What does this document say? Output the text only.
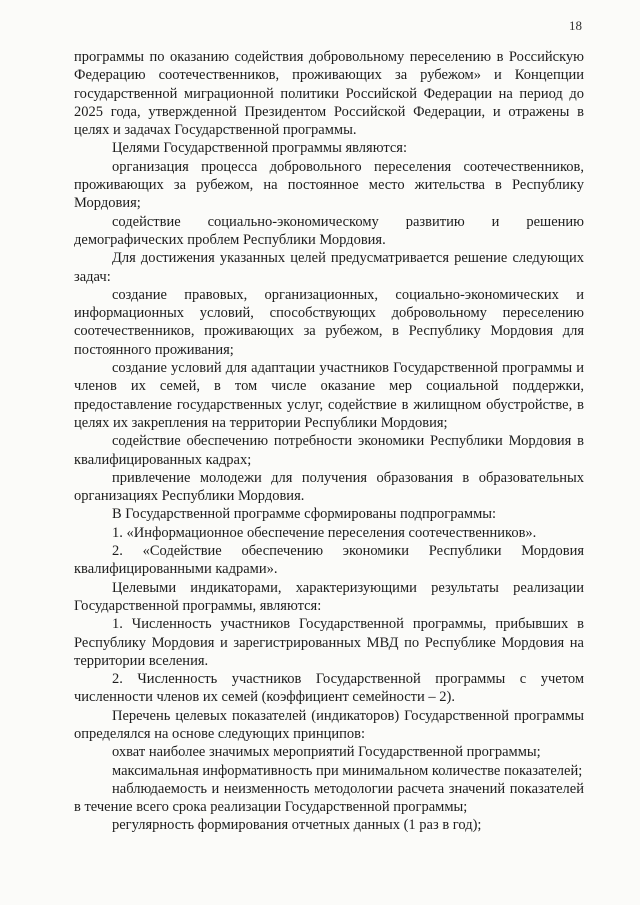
18

программы по оказанию содействия добровольному переселению в Российскую Федерацию соотечественников, проживающих за рубежом» и Концепции государственной миграционной политики Российской Федерации на период до 2025 года, утвержденной Президентом Российской Федерации, и отражены в целях и задачах Государственной программы.

Целями Государственной программы являются:

организация процесса добровольного переселения соотечественников, проживающих за рубежом, на постоянное место жительства в Республику Мордовия;

содействие социально-экономическому развитию и решению демографических проблем Республики Мордовия.

Для достижения указанных целей предусматривается решение следующих задач:

создание правовых, организационных, социально-экономических и информационных условий, способствующих добровольному переселению соотечественников, проживающих за рубежом, в Республику Мордовия для постоянного проживания;

создание условий для адаптации участников Государственной программы и членов их семей, в том числе оказание мер социальной поддержки, предоставление государственных услуг, содействие в жилищном обустройстве, в целях их закрепления на территории Республики Мордовия;

содействие обеспечению потребности экономики Республики Мордовия в квалифицированных кадрах;

привлечение молодежи для получения образования в образовательных организациях Республики Мордовия.

В Государственной программе сформированы подпрограммы:

1. «Информационное обеспечение переселения соотечественников».

2. «Содействие обеспечению экономики Республики Мордовия квалифицированными кадрами».

Целевыми индикаторами, характеризующими результаты реализации Государственной программы, являются:

1. Численность участников Государственной программы, прибывших в Республику Мордовия и зарегистрированных МВД по Республике Мордовия на территории вселения.

2. Численность участников Государственной программы с учетом численности членов их семей (коэффициент семейности – 2).

Перечень целевых показателей (индикаторов) Государственной программы определялся на основе следующих принципов:

охват наиболее значимых мероприятий Государственной программы;

максимальная информативность при минимальном количестве показателей;

наблюдаемость и неизменность методологии расчета значений показателей в течение всего срока реализации Государственной программы;

регулярность формирования отчетных данных (1 раз в год);
